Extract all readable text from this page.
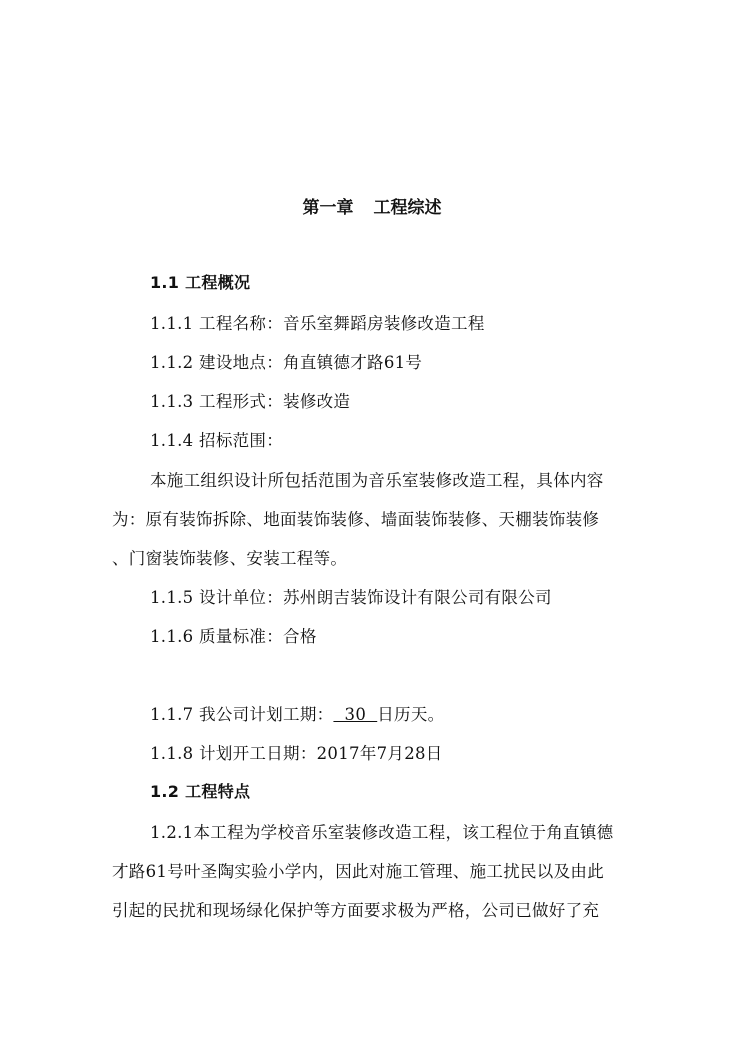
第一章 工程综述
1.1 工程概况
1.1.1 工程名称：音乐室舞蹈房装修改造工程
1.1.2 建设地点：角直镇德才路61号
1.1.3 工程形式：装修改造
1.1.4 招标范围：
本施工组织设计所包括范围为音乐室装修改造工程，具体内容
为：原有装饰拆除、地面装饰装修、墙面装饰装修、天棚装饰装修
、门窗装饰装修、安装工程等。
1.1.5 设计单位：苏州朗吉装饰设计有限公司有限公司
1.1.6 质量标准：合格
1.1.7 我公司计划工期：  30  日历天。
1.1.8 计划开工日期：2017年7月28日
1.2 工程特点
1.2.1本工程为学校音乐室装修改造工程，该工程位于角直镇德
才路61号叶圣陶实验小学内，因此对施工管理、施工扰民以及由此
引起的民扰和现场绿化保护等方面要求极为严格，公司已做好了充
